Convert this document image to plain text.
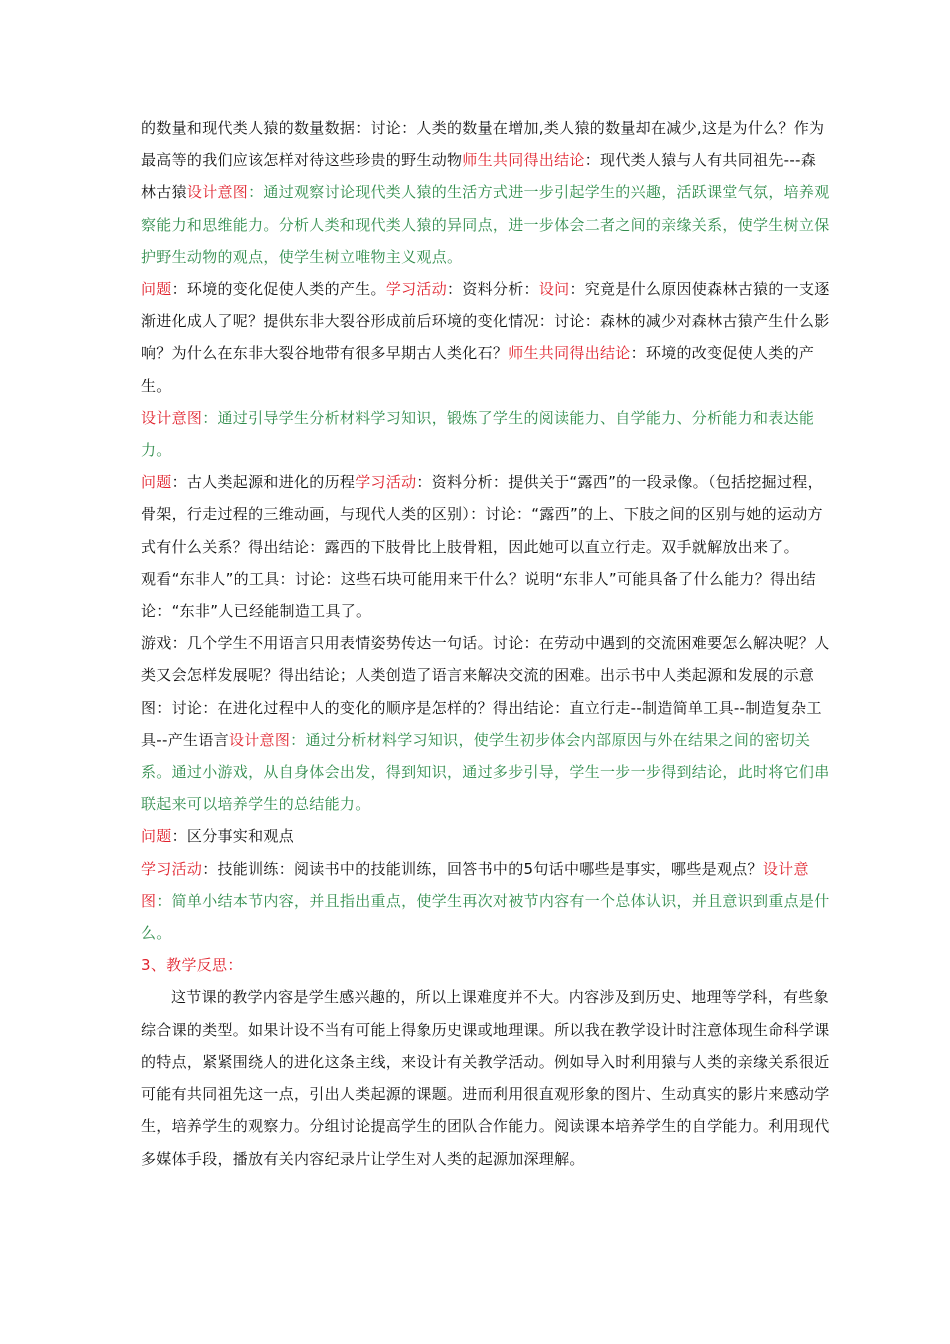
的数量和现代类人猿的数量数据：讨论：人类的数量在增加,类人猿的数量却在减少,这是为什么？作为最高等的我们应该怎样对待这些珍贵的野生动物师生共同得出结论：现代类人猿与人有共同祖先---森林古猿设计意图：通过观察讨论现代类人猿的生活方式进一步引起学生的兴趣，活跃课堂气氛，培养观察能力和思维能力。分析人类和现代类人猿的异同点，进一步体会二者之间的亲缘关系，使学生树立保护野生动物的观点，使学生树立唯物主义观点。

问题：环境的变化促使人类的产生。学习活动：资料分析：设问：究竟是什么原因使森林古猿的一支逐渐进化成人了呢？提供东非大裂谷形成前后环境的变化情况：讨论：森林的减少对森林古猿产生什么影响？为什么在东非大裂谷地带有很多早期古人类化石？师生共同得出结论：环境的改变促使人类的产生。

设计意图：通过引导学生分析材料学习知识，锻炼了学生的阅读能力、自学能力、分析能力和表达能力。

问题：古人类起源和进化的历程学习活动：资料分析：提供关于“露西”的一段录像。（包括挖掘过程，骨架，行走过程的三维动画，与现代人类的区别）：讨论：“露西”的上、下肢之间的区别与她的运动方式有什么关系？得出结论：露西的下肢骨比上肢骨粗，因此她可以直立行走。双手就解放出来了。

观看“东非人”的工具：讨论：这些石块可能用来干什么？说明“东非人”可能具备了什么能力？得出结论：“东非”人已经能制造工具了。

游戏：几个学生不用语言只用表情姿势传达一句话。讨论：在劳动中遇到的交流困难要怎么解决呢？人类又会怎样发展呢？得出结论；人类创造了语言来解决交流的困难。出示书中人类起源和发展的示意图：讨论：在进化过程中人的变化的顺序是怎样的？得出结论：直立行走--制造简单工具--制造复杂工具--产生语言设计意图：通过分析材料学习知识，使学生初步体会内部原因与外在结果之间的密切关系。通过小游戏，从自身体会出发，得到知识，通过多步引导，学生一步一步得到结论，此时将它们串联起来可以培养学生的总结能力。

问题：区分事实和观点

学习活动：技能训练：阅读书中的技能训练，回答书中的5句话中哪些是事实，哪些是观点？设计意图：简单小结本节内容，并且指出重点，使学生再次对被节内容有一个总体认识，并且意识到重点是什么。

3、教学反思：

这节课的教学内容是学生感兴趣的，所以上课难度并不大。内容涉及到历史、地理等学科，有些象综合课的类型。如果计设不当有可能上得象历史课或地理课。所以我在教学设计时注意体现生命科学课的特点，紧紧围绕人的进化这条主线，来设计有关教学活动。例如导入时利用猿与人类的亲缘关系很近可能有共同祖先这一点，引出人类起源的课题。进而利用很直观形象的图片、生动真实的影片来感动学生，培养学生的观察力。分组讨论提高学生的团队合作能力。阅读课本培养学生的自学能力。利用现代多媒体手段，播放有关内容纪录片让学生对人类的起源加深理解。
